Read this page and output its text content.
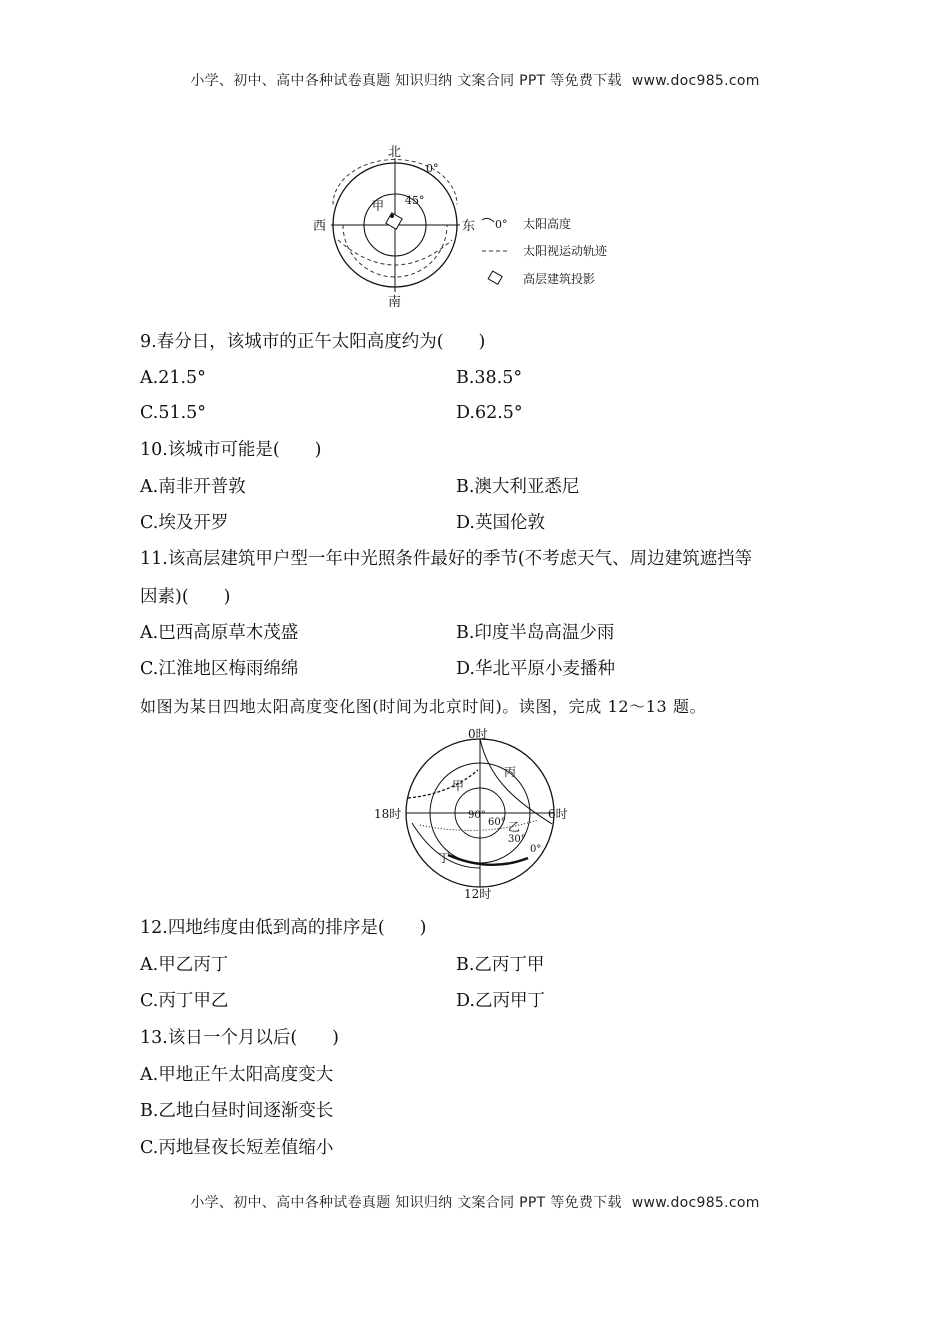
小学、初中、高中各种试卷真题 知识归纳 文案合同 PPT 等免费下载 www.doc985.com
北
南
西	东
0°
45°
甲
0° 太阳高度
太阳视运动轨迹
高层建筑投影
9.春分日，该城市的正午太阳高度约为(　　)
A.21.5°	B.38.5°
C.51.5°	D.62.5°
10.该城市可能是(　　)
A.南非开普敦	B.澳大利亚悉尼
C.埃及开罗	D.英国伦敦
11.该高层建筑甲户型一年中光照条件最好的季节(不考虑天气、周边建筑遮挡等
因素)(　　)
A.巴西高原草木茂盛	B.印度半岛高温少雨
C.江淮地区梅雨绵绵	D.华北平原小麦播种
如图为某日四地太阳高度变化图(时间为北京时间)。读图，完成 12～13 题。
0时
6时
12时
18时
甲
乙
丙
丁
90°
60°
30°
0°
12.四地纬度由低到高的排序是(　　)
A.甲乙丙丁	B.乙丙丁甲
C.丙丁甲乙	D.乙丙甲丁
13.该日一个月以后(　　)
A.甲地正午太阳高度变大
B.乙地白昼时间逐渐变长
C.丙地昼夜长短差值缩小
小学、初中、高中各种试卷真题 知识归纳 文案合同 PPT 等免费下载 www.doc985.com
